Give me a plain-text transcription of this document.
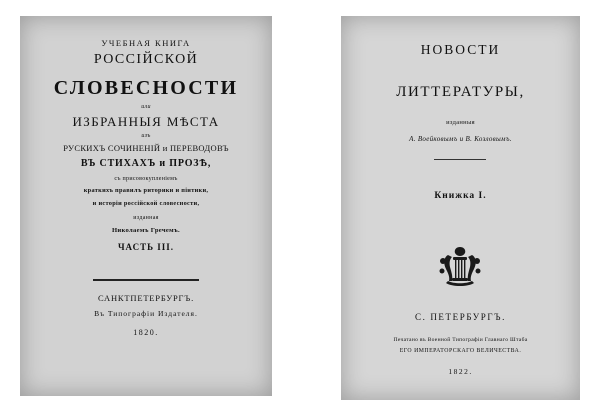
УЧЕБНАЯ КНИГА
РОССІЙСКОЙ
СЛОВЕСНОСТИ
или
ИЗБРАННЫЯ МѢСТА
изъ
РУСКИХЪ СОЧИНЕНІЙ и ПЕРЕВОДОВЪ
ВЪ СТИХАХЪ и ПРОЗѢ,
съ присовокупленіемъ
краткихъ правилъ риторики и піитики,
и исторіи россійской словесности,
изданная
Николаемъ Гречемъ.
ЧАСТЬ III.
САНКТПЕТЕРБУРГЪ.
Въ Типографіи Издателя.
1820.
НОВОСТИ
ЛИТТЕРАТУРЫ,
изданныя
А. Воейковымъ и В. Козловымъ.
Книжка I.
С. ПЕТЕРБУРГЪ.
Печатано въ Военной Типографіи Главнаго Штаба
ЕГО ИМПЕРАТОРСКАГО ВЕЛИЧЕСТВА.
1822.
